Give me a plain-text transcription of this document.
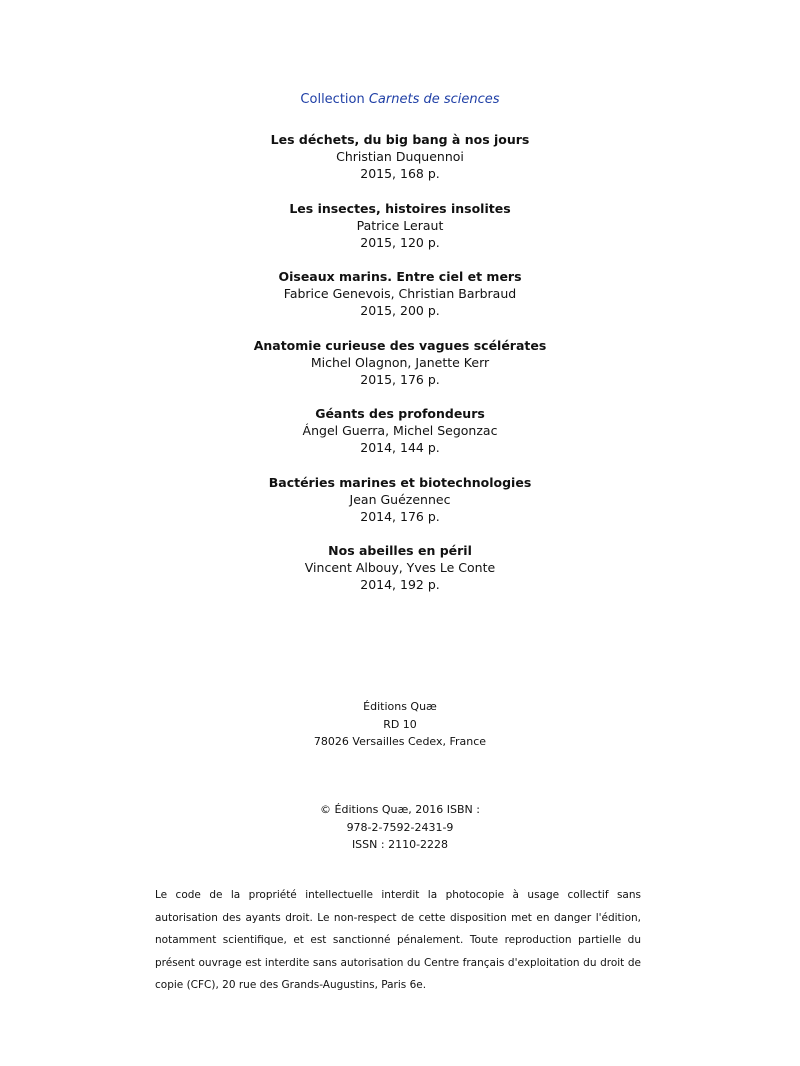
Collection Carnets de sciences
Les déchets, du big bang à nos jours
Christian Duquennoi
2015, 168 p.
Les insectes, histoires insolites
Patrice Leraut
2015, 120 p.
Oiseaux marins. Entre ciel et mers
Fabrice Genevois, Christian Barbraud
2015, 200 p.
Anatomie curieuse des vagues scélérates
Michel Olagnon, Janette Kerr
2015, 176 p.
Géants des profondeurs
Ángel Guerra, Michel Segonzac
2014, 144 p.
Bactéries marines et biotechnologies
Jean Guézennec
2014, 176 p.
Nos abeilles en péril
Vincent Albouy, Yves Le Conte
2014, 192 p.
Éditions Quæ
RD 10
78026 Versailles Cedex, France
© Éditions Quæ, 2016 ISBN :
978-2-7592-2431-9
ISSN : 2110-2228
Le code de la propriété intellectuelle interdit la photocopie à usage collectif sans autorisation des ayants droit. Le non-respect de cette disposition met en danger l'édition, notamment scientifique, et est sanctionné pénalement. Toute reproduction partielle du présent ouvrage est interdite sans autorisation du Centre français d'exploitation du droit de copie (CFC), 20 rue des Grands-Augustins, Paris 6e.
